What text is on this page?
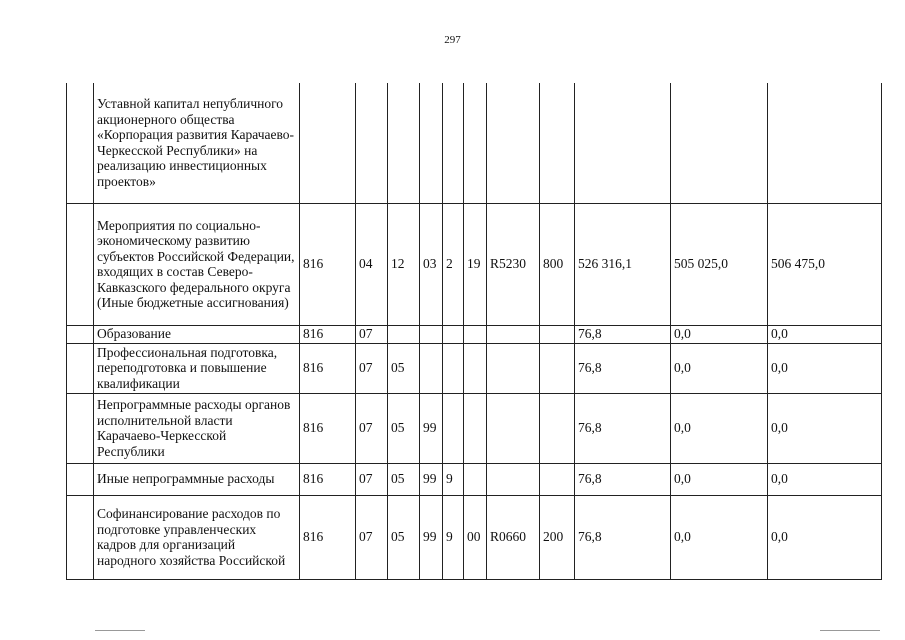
297
	Уставной капитал непубличного акционерного общества «Корпорация развития Карачаево-Черкесской Республики» на реализацию инвестиционных проектов»											
	Мероприятия по социально-экономическому развитию субъектов Российской Федерации, входящих в состав Северо-Кавказского федерального округа (Иные бюджетные ассигнования)	816	04	12	03	2	19	R5230	800	526 316,1	505 025,0	506 475,0
	Образование	816	07							76,8	0,0	0,0
	Профессиональная подготовка, переподготовка и повышение квалификации	816	07	05						76,8	0,0	0,0
	Непрограммные расходы органов исполнительной власти Карачаево-Черкесской Республики	816	07	05	99					76,8	0,0	0,0
	Иные непрограммные расходы	816	07	05	99	9				76,8	0,0	0,0
	Софинансирование расходов по подготовке управленческих кадров для организаций народного хозяйства Российской	816	07	05	99	9	00	R0660	200	76,8	0,0	0,0
